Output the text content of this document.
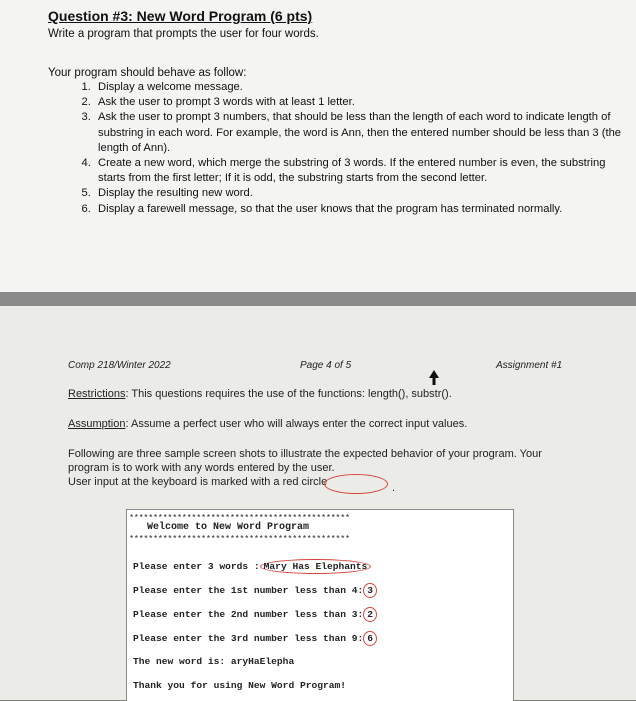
Question #3: New Word Program (6 pts)
Write a program that prompts the user for four words.
Your program should behave as follow:
1. Display a welcome message.
2. Ask the user to prompt 3 words with at least 1 letter.
3. Ask the user to prompt 3 numbers, that should be less than the length of each word to indicate length of substring in each word. For example, the word is Ann, then the entered number should be less than 3 (the length of Ann).
4. Create a new word, which merge the substring of 3 words. If the entered number is even, the substring starts from the first letter; If it is odd, the substring starts from the second letter.
5. Display the resulting new word.
6. Display a farewell message, so that the user knows that the program has terminated normally.
Comp 218/Winter 2022	Page 4 of 5	Assignment #1
Restrictions: This questions requires the use of the functions: length(), substr().
Assumption: Assume a perfect user who will always enter the correct input values.
Following are three sample screen shots to illustrate the expected behavior of your program. Your program is to work with any words entered by the user.
User input at the keyboard is marked with a red circle	.
**********************************************
Welcome to New Word Program
**********************************************
Please enter 3 words : Mary Has Elephants
Please enter the 1st number less than 4: 3
Please enter the 2nd number less than 3: 2
Please enter the 3rd number less than 9: 6
The new word is: aryHaElepha
Thank you for using New Word Program!
